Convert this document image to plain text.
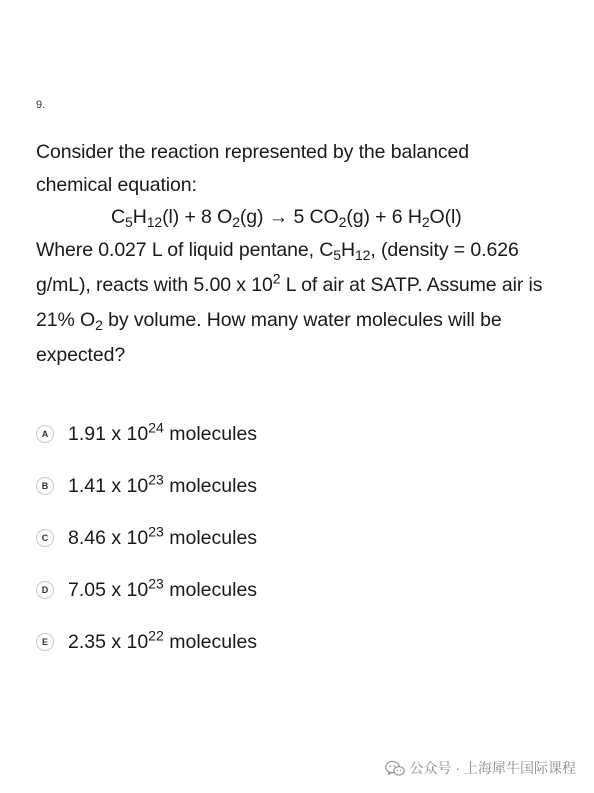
9.

Consider the reaction represented by the balanced
chemical equation:

$C_5H_{12}(l) + 8$ $O_2(g) \to 5$ $CO_2(g) + 6$ $H_2O(l)$

Where 0.027 L of liquid pentane, $C_5H_{12}$, (density = 0.626 g/mL), reacts with 5.00 x $10^2$ L of air at SATP. Assume air is 21% $O_2$ by volume. How many water molecules will be expected?

A 1.91 x $10^{24}$ molecules
B 1.41 x $10^{23}$ molecules
C 8.46 x $10^{23}$ molecules
D 7.05 x $10^{23}$ molecules
E	2.35 x $10^{22}$ molecules
公众号 · 上海犀牛国际课程
